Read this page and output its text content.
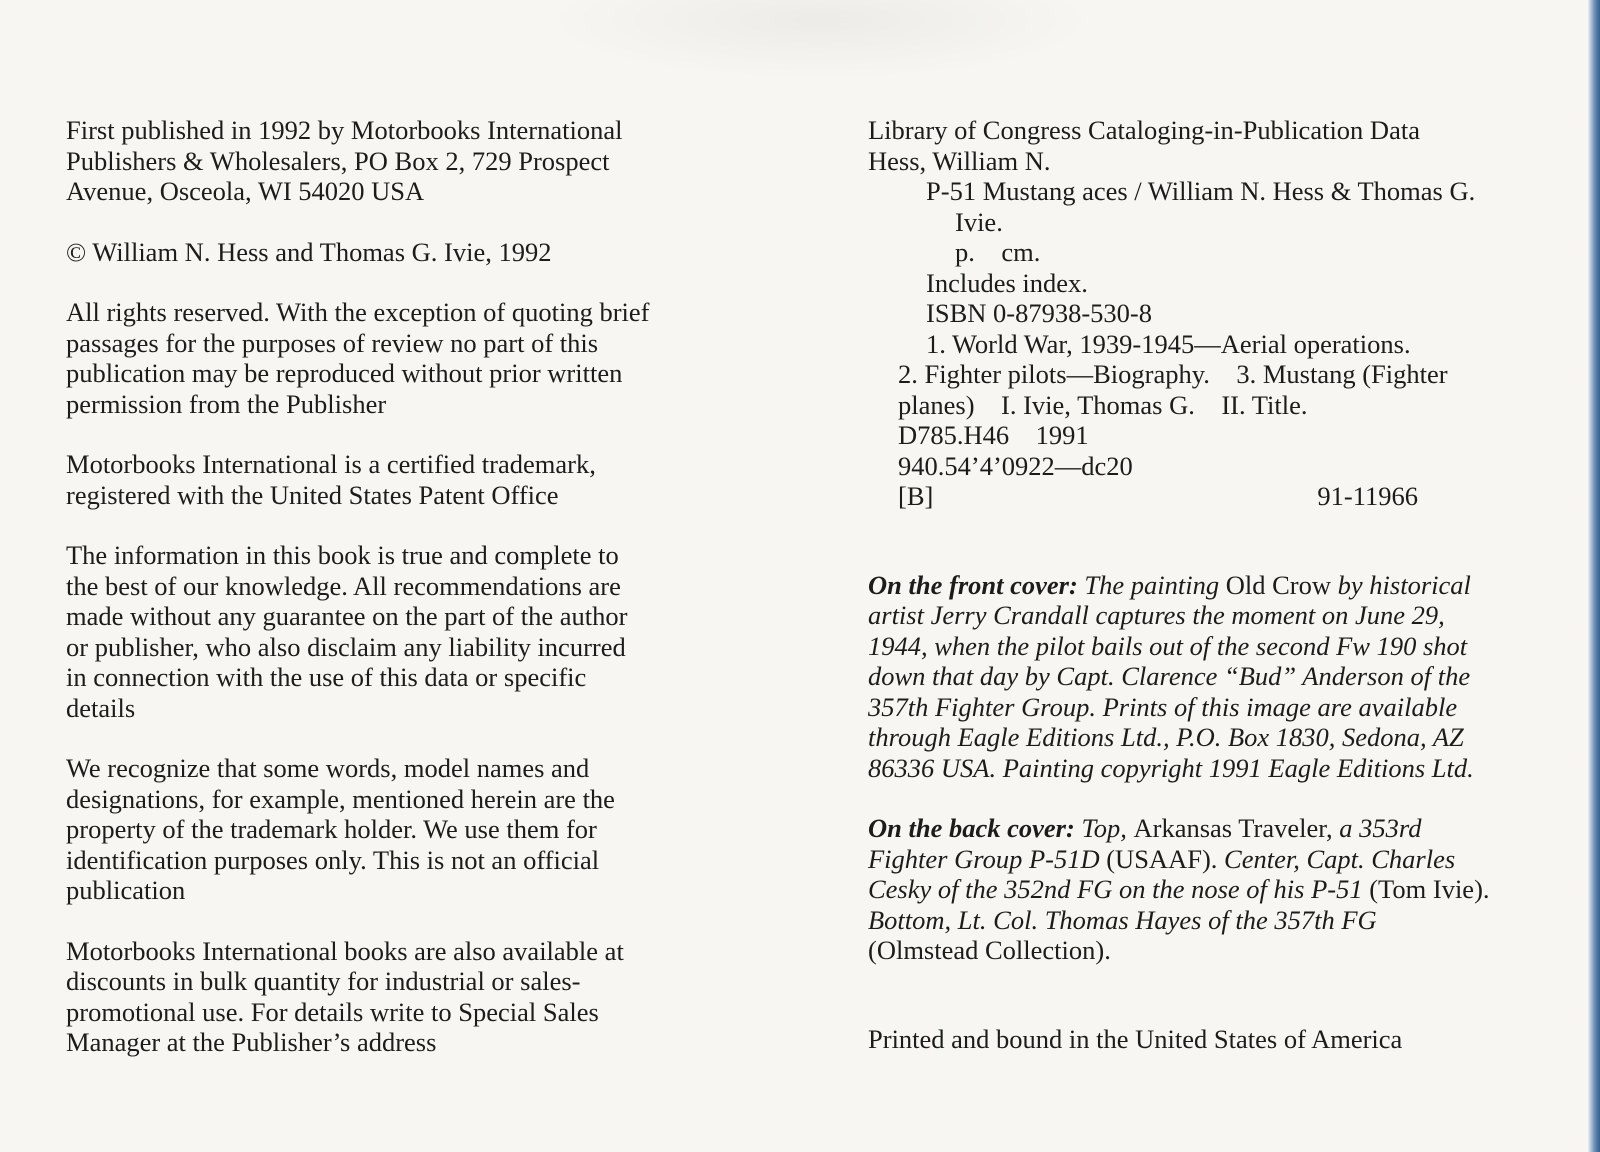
First published in 1992 by Motorbooks International
Publishers & Wholesalers, PO Box 2, 729 Prospect
Avenue, Osceola, WI 54020 USA
© William N. Hess and Thomas G. Ivie, 1992
All rights reserved. With the exception of quoting brief
passages for the purposes of review no part of this
publication may be reproduced without prior written
permission from the Publisher
Motorbooks International is a certified trademark,
registered with the United States Patent Office
The information in this book is true and complete to
the best of our knowledge. All recommendations are
made without any guarantee on the part of the author
or publisher, who also disclaim any liability incurred
in connection with the use of this data or specific
details
We recognize that some words, model names and
designations, for example, mentioned herein are the
property of the trademark holder. We use them for
identification purposes only. This is not an official
publication
Motorbooks International books are also available at
discounts in bulk quantity for industrial or sales-
promotional use. For details write to Special Sales
Manager at the Publisher’s address
Library of Congress Cataloging-in-Publication Data
Hess, William N.
P-51 Mustang aces / William N. Hess & Thomas G.
Ivie.
p.    cm.
Includes index.
ISBN 0-87938-530-8
1. World War, 1939-1945—Aerial operations.
2. Fighter pilots—Biography.    3. Mustang (Fighter
planes)    I. Ivie, Thomas G.    II. Title.
D785.H46    1991
940.54’4’0922—dc20
[B]	91-11966
On the front cover: The painting Old Crow by historical
artist Jerry Crandall captures the moment on June 29,
1944, when the pilot bails out of the second Fw 190 shot
down that day by Capt. Clarence “Bud” Anderson of the
357th Fighter Group. Prints of this image are available
through Eagle Editions Ltd., P.O. Box 1830, Sedona, AZ
86336 USA. Painting copyright 1991 Eagle Editions Ltd.
On the back cover: Top, Arkansas Traveler, a 353rd
Fighter Group P-51D (USAAF). Center, Capt. Charles
Cesky of the 352nd FG on the nose of his P-51 (Tom Ivie).
Bottom, Lt. Col. Thomas Hayes of the 357th FG
(Olmstead Collection).
Printed and bound in the United States of America
